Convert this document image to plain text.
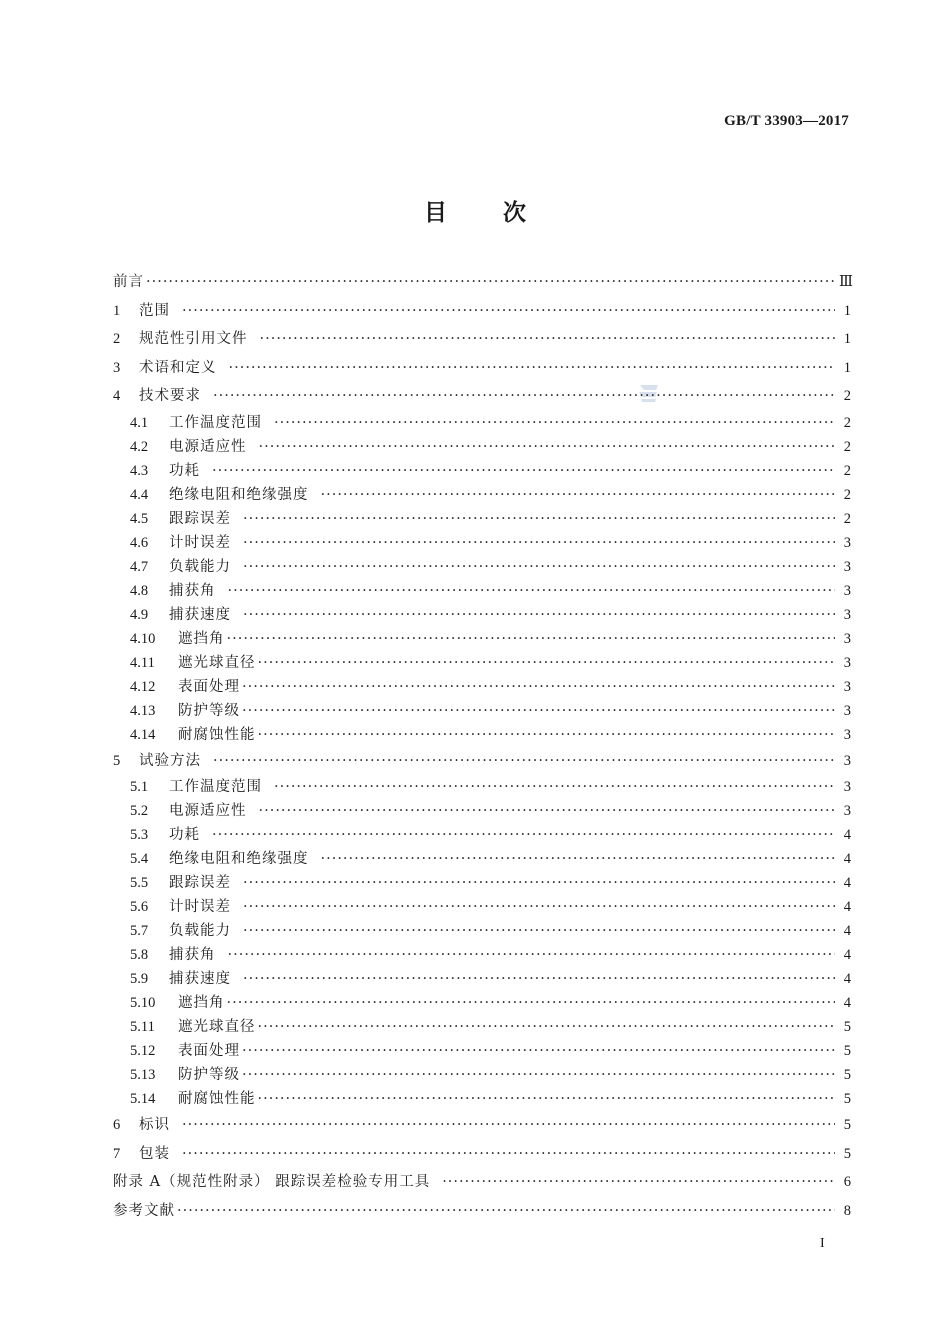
GB/T 33903—2017
目次
前言 ·····	Ⅲ
1	范围 ·····	1
2	规范性引用文件 ·····	1
3	术语和定义 ·····	1
4	技术要求 ·····	2
4.1	工作温度范围 ·····	2
4.2	电源适应性 ·····	2
4.3	功耗 ·····	2
4.4	绝缘电阻和绝缘强度 ·····	2
4.5	跟踪误差 ·····	2
4.6	计时误差 ·····	3
4.7	负载能力 ·····	3
4.8	捕获角 ·····	3
4.9	捕获速度 ·····	3
4.10	遮挡角 ·····	3
4.11	遮光球直径 ·····	3
4.12	表面处理 ·····	3
4.13	防护等级 ·····	3
4.14	耐腐蚀性能 ·····	3
5	试验方法 ·····	3
5.1	工作温度范围 ·····	3
5.2	电源适应性 ·····	3
5.3	功耗 ·····	4
5.4	绝缘电阻和绝缘强度 ·····	4
5.5	跟踪误差 ·····	4
5.6	计时误差 ·····	4
5.7	负载能力 ·····	4
5.8	捕获角 ·····	4
5.9	捕获速度 ·····	4
5.10	遮挡角 ·····	4
5.11	遮光球直径 ·····	5
5.12	表面处理 ·····	5
5.13	防护等级 ·····	5
5.14	耐腐蚀性能 ·····	5
6	标识 ·····	5
7	包装 ·····	5
附录 A（规范性附录） 跟踪误差检验专用工具 ·····	6
参考文献 ·····	8
I
